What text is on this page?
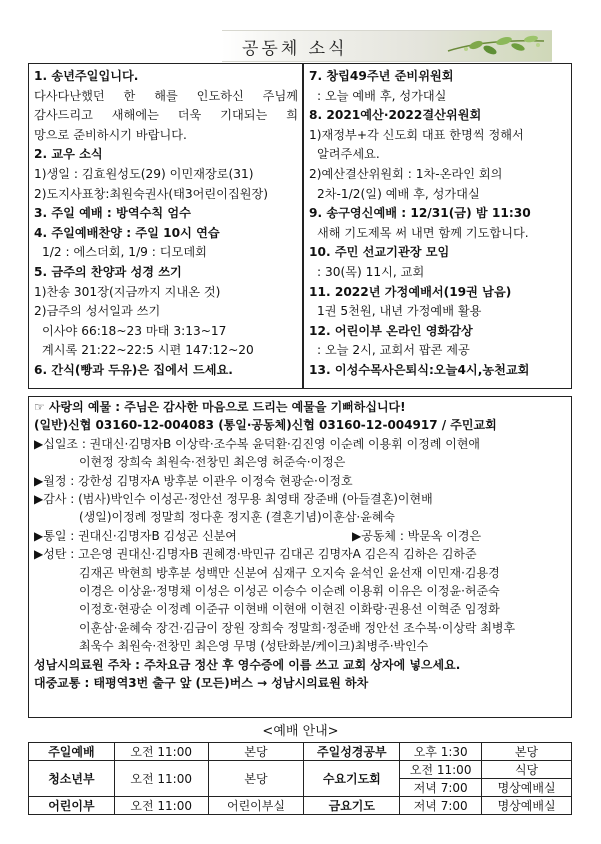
공동체 소식
1. 송년주일입니다.
다사다난했던 한 해를 인도하신 주님께
감사드리고 새해에는 더욱 기대되는 희
망으로 준비하시기 바랍니다.
2. 교우 소식
1)생일 : 김효원성도(29) 이민재장로(31)
2)도지사표창:최원숙권사(태3어린이집원장)
3. 주일 예배 : 방역수칙 엄수
4. 주일예배찬양 : 주일 10시 연습
1/2 : 에스더회, 1/9 : 디모데회
5. 금주의 찬양과 성경 쓰기
1)찬송 301장(지금까지 지내온 것)
2)금주의 성서일과 쓰기
이사야 66:18~23 마태 3:13~17
계시록 21:22~22:5 시편 147:12~20
6. 간식(빵과 두유)은 집에서 드세요.
7. 창립49주년 준비위원회
: 오늘 예배 후, 성가대실
8. 2021예산·2022결산위원회
1)재정부+각 신도회 대표 한명씩 정해서
알려주세요.
2)예산결산위원회 : 1차-온라인 회의
2차-1/2(일) 예배 후, 성가대실
9. 송구영신예배 : 12/31(금) 밤 11:30
새해 기도제목 써 내면 함께 기도합니다.
10. 주민 선교기관장 모임
: 30(목) 11시, 교회
11. 2022년 가정예배서(19권 남음)
1권 5천원, 내년 가정예배 활용
12. 어린이부 온라인 영화감상
: 오늘 2시, 교회서 팝콘 제공
13. 이성수목사은퇴식:오늘4시,농천교회
☞ 사랑의 예물 : 주님은 감사한 마음으로 드리는 예물을 기뻐하십니다!
(일반)신협 03160-12-004083 (통일·공동체)신협 03160-12-004917 / 주민교회
▶십일조 : 권대신·김명자B 이상락·조수복 윤덕환·김진영 이순례 이용휘 이정례 이현애
이현정 장희숙 최원숙·전창민 최은영 허준숙·이정은
▶월정 : 강한성 김명자A 방후분 이관우 이정숙 현광순·이정호
▶감사 : (범사)박인수 이성곤·정안선 정무용 최영태 장준배 (아들결혼)이현배
(생일)이정례 정말희 정다훈 정지훈 (결혼기념)이훈삼·윤혜숙
▶통일 : 권대신·김명자B 김성곤 신분여	▶공동체 : 박문옥 이경은
▶성탄 : 고은영 권대신·김명자B 권혜경·박민규 김대곤 김명자A 김은직 김하은 김하준
김재곤 박현희 방후분 성백만 신분여 심재구 오지숙 윤석인 윤선재 이민재·김용경
이경은 이상윤·정명채 이성은 이성곤 이승수 이순례 이용휘 이유은 이정윤·허준숙
이정호·현광순 이정례 이준규 이현배 이현애 이현진 이화랑·권용선 이혁준 임정화
이훈삼·윤혜숙 장건·김금이 장원 장희숙 정말희·정준배 정안선 조수복·이상락 최병후
최욱수 최원숙·전창민 최은영 무명 (성탄화분/케이크)최병주·박인수
성남시의료원 주차 : 주차요금 정산 후 영수증에 이름 쓰고 교회 상자에 넣으세요.
대중교통 : 태평역3번 출구 앞 (모든)버스 → 성남시의료원 하차
<예배 안내>
주일예배	오전 11:00	본당	주일성경공부	오후 1:30	본당
청소년부	오전 11:00	본당	수요기도회	오전 11:00	식당
				저녁 7:00	명상예배실
어린이부	오전 11:00	어린이부실	금요기도	저녁 7:00	명상예배실
